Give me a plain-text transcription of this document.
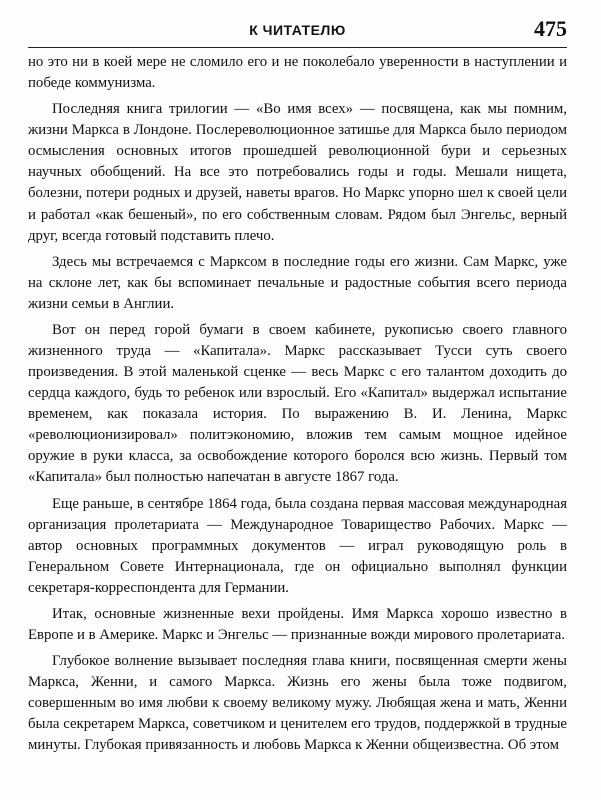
К ЧИТАТЕЛЮ	475

но это ни в коей мере не сломило его и не поколебало уверенности в наступлении и победе коммунизма.

Последняя книга трилогии — «Во имя всех» — посвящена, как мы помним, жизни Маркса в Лондоне. Послереволюционное затишье для Маркса было периодом осмысления основных итогов прошедшей революционной бури и серьезных научных обобщений. На все это потребовались годы и годы. Мешали нищета, болезни, потери родных и друзей, наветы врагов. Но Маркс упорно шел к своей цели и работал «как бешеный», по его собственным словам. Рядом был Энгельс, верный друг, всегда готовый подставить плечо.

Здесь мы встречаемся с Марксом в последние годы его жизни. Сам Маркс, уже на склоне лет, как бы вспоминает печальные и радостные события всего периода жизни семьи в Англии.

Вот он перед горой бумаги в своем кабинете, рукописью своего главного жизненного труда — «Капитала». Маркс рассказывает Тусси суть своего произведения. В этой маленькой сценке — весь Маркс с его талантом доходить до сердца каждого, будь то ребенок или взрослый. Его «Капитал» выдержал испытание временем, как показала история. По выражению В. И. Ленина, Маркс «революционизировал» политэкономию, вложив тем самым мощное идейное оружие в руки класса, за освобождение которого боролся всю жизнь. Первый том «Капитала» был полностью напечатан в августе 1867 года.

Еще раньше, в сентябре 1864 года, была создана первая массовая международная организация пролетариата — Международное Товарищество Рабочих. Маркс — автор основных программных документов — играл руководящую роль в Генеральном Совете Интернационала, где он официально выполнял функции секретаря-корреспондента для Германии.

Итак, основные жизненные вехи пройдены. Имя Маркса хорошо известно в Европе и в Америке. Маркс и Энгельс — признанные вожди мирового пролетариата.

Глубокое волнение вызывает последняя глава книги, посвященная смерти жены Маркса, Женни, и самого Маркса. Жизнь его жены была тоже подвигом, совершенным во имя любви к своему великому мужу. Любящая жена и мать, Женни была секретарем Маркса, советчиком и ценителем его трудов, поддержкой в трудные минуты. Глубокая привязанность и любовь Маркса к Женни общеизвестна. Об этом
